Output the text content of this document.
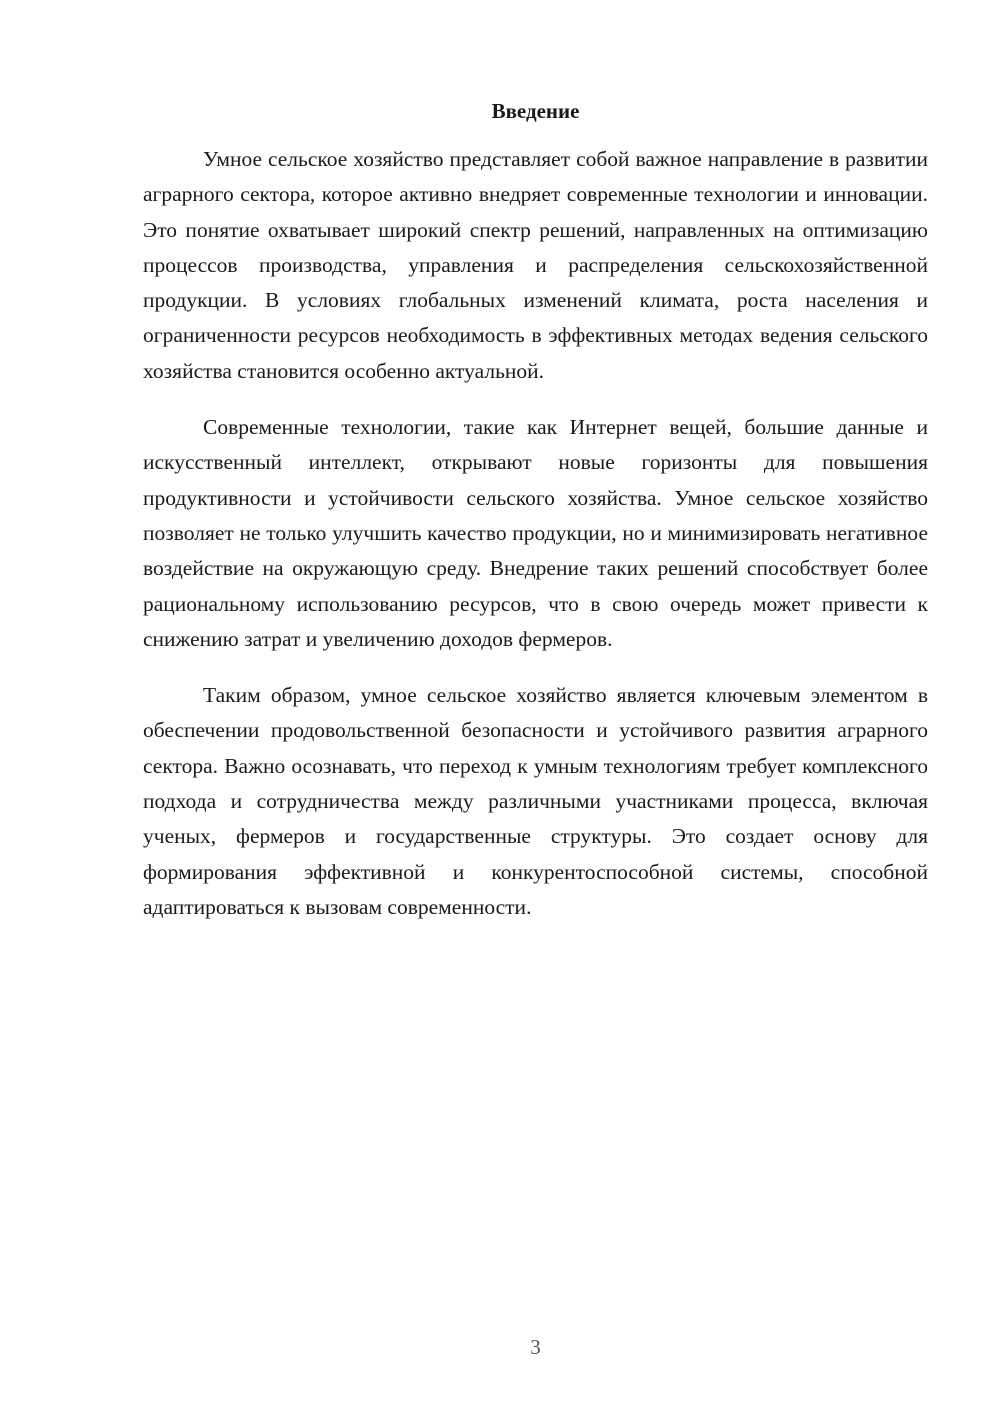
Введение

Умное сельское хозяйство представляет собой важное направление в развитии аграрного сектора, которое активно внедряет современные технологии и инновации. Это понятие охватывает широкий спектр решений, направленных на оптимизацию процессов производства, управления и распределения сельскохозяйственной продукции. В условиях глобальных изменений климата, роста населения и ограниченности ресурсов необходимость в эффективных методах ведения сельского хозяйства становится особенно актуальной.

Современные технологии, такие как Интернет вещей, большие данные и искусственный интеллект, открывают новые горизонты для повышения продуктивности и устойчивости сельского хозяйства. Умное сельское хозяйство позволяет не только улучшить качество продукции, но и минимизировать негативное воздействие на окружающую среду. Внедрение таких решений способствует более рациональному использованию ресурсов, что в свою очередь может привести к снижению затрат и увеличению доходов фермеров.

Таким образом, умное сельское хозяйство является ключевым элементом в обеспечении продовольственной безопасности и устойчивого развития аграрного сектора. Важно осознавать, что переход к умным технологиям требует комплексного подхода и сотрудничества между различными участниками процесса, включая ученых, фермеров и государственные структуры. Это создает основу для формирования эффективной и конкурентоспособной системы, способной адаптироваться к вызовам современности.

3
